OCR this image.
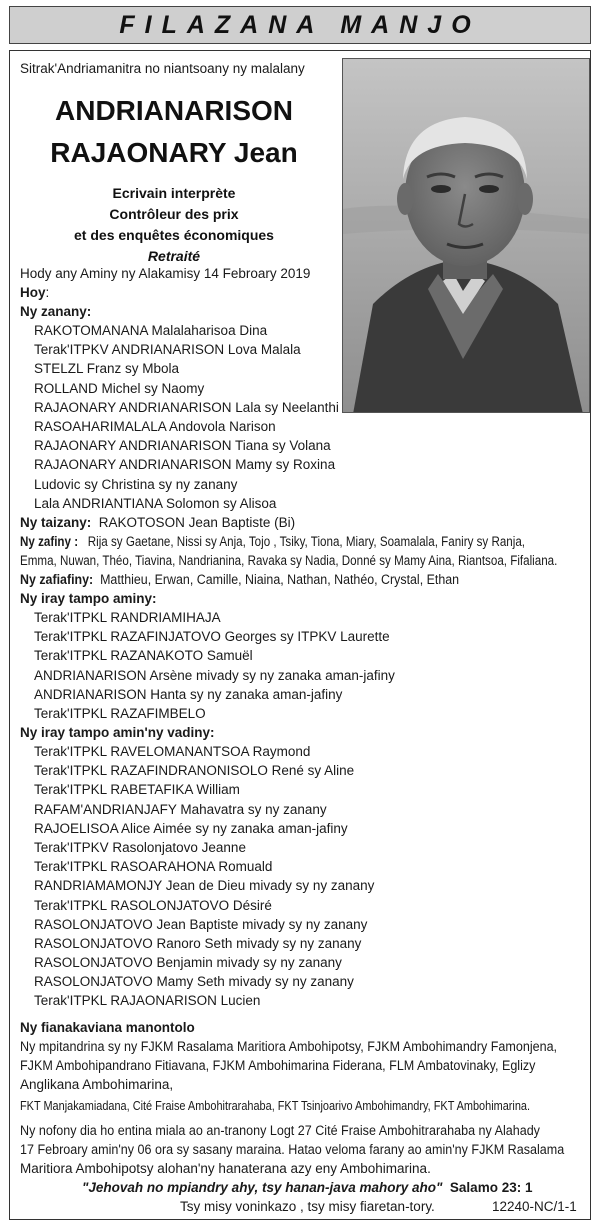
FILAZANA MANJO
Sitrak'Andriamanitra no niantsoany ny malalany
ANDRIANARISON
RAJAONARY Jean
Ecrivain interprète
Contrôleur des prix
et des enquêtes économiques
Retraité
Hody any Aminy ny Alakamisy 14 Febroary 2019
Hoy:
Ny zanany:
RAKOTOMANANA Malalaharisoa Dina
Terak'ITPKV ANDRIANARISON Lova Malala
STELZL Franz sy Mbola
ROLLAND Michel sy Naomy
RAJAONARY ANDRIANARISON Lala sy Neelanthi
RASOAHARIMALALA Andovola Narison
RAJAONARY ANDRIANARISON Tiana sy Volana
RAJAONARY ANDRIANARISON Mamy sy Roxina
Ludovic sy Christina sy ny zanany
Lala ANDRIANTIANA Solomon sy Alisoa
Ny taizany: RAKOTOSON Jean Baptiste (Bi)
Ny zafiny : Rija sy Gaetane, Nissi sy Anja, Tojo , Tsiky, Tiona, Miary, Soamalala, Faniry sy Ranja,
Emma, Nuwan, Théo, Tiavina, Nandrianina, Ravaka sy Nadia, Donné sy Mamy Aina, Riantsoa, Fifaliana.
Ny zafiafiny: Matthieu, Erwan, Camille, Niaina, Nathan, Nathéo, Crystal, Ethan
Ny iray tampo aminy:
Terak'ITPKL RANDRIAMIHAJA
Terak'ITPKL RAZAFINJATOVO Georges sy ITPKV Laurette
Terak'ITPKL RAZANAKOTO Samuël
ANDRIANARISON Arsène mivady sy ny zanaka aman-jafiny
ANDRIANARISON Hanta sy ny zanaka aman-jafiny
Terak'ITPKL RAZAFIMBELO
Ny iray tampo amin'ny vadiny:
Terak'ITPKL RAVELOMANANTSOA Raymond
Terak'ITPKL RAZAFINDRANONISOLO René sy Aline
Terak'ITPKL RABETAFIKA William
RAFAM'ANDRIANJAFY Mahavatra sy ny zanany
RAJOELISOA Alice Aimée sy ny zanaka aman-jafiny
Terak'ITPKV Rasolonjatovo Jeanne
Terak'ITPKL RASOARAHONA Romuald
RANDRIAMAMONJY Jean de Dieu mivady sy ny zanany
Terak'ITPKL RASOLONJATOVO Désiré
RASOLONJATOVO Jean Baptiste mivady sy ny zanany
RASOLONJATOVO Ranoro Seth mivady sy ny zanany
RASOLONJATOVO Benjamin mivady sy ny zanany
RASOLONJATOVO Mamy Seth mivady sy ny zanany
Terak'ITPKL RAJAONARISON Lucien
Ny fianakaviana manontolo
Ny mpitandrina sy ny FJKM Rasalama Maritiora Ambohipotsy, FJKM Ambohimandry Famonjena,
FJKM Ambohipandrano Fitiavana, FJKM Ambohimarina Fiderana, FLM Ambatovinaky, Eglizy
Anglikana Ambohimarina,
FKT Manjakamiadana, Cité Fraise Ambohitrarahaba, FKT Tsinjoarivo Ambohimandry, FKT Ambohimarina.
Ny nofony dia ho entina miala ao an-tranony Logt 27 Cité Fraise Ambohitrarahaba ny Alahady
17 Febroary amin'ny 06 ora sy sasany maraina. Hatao veloma farany ao amin'ny FJKM Rasalama
Maritiora Ambohipotsy alohan'ny hanaterana azy eny Ambohimarina.
"Jehovah no mpiandry ahy, tsy hanan-java mahory aho" Salamo 23: 1
Tsy misy voninkazo , tsy misy fiaretan-tory.	12240-NC/1-1
